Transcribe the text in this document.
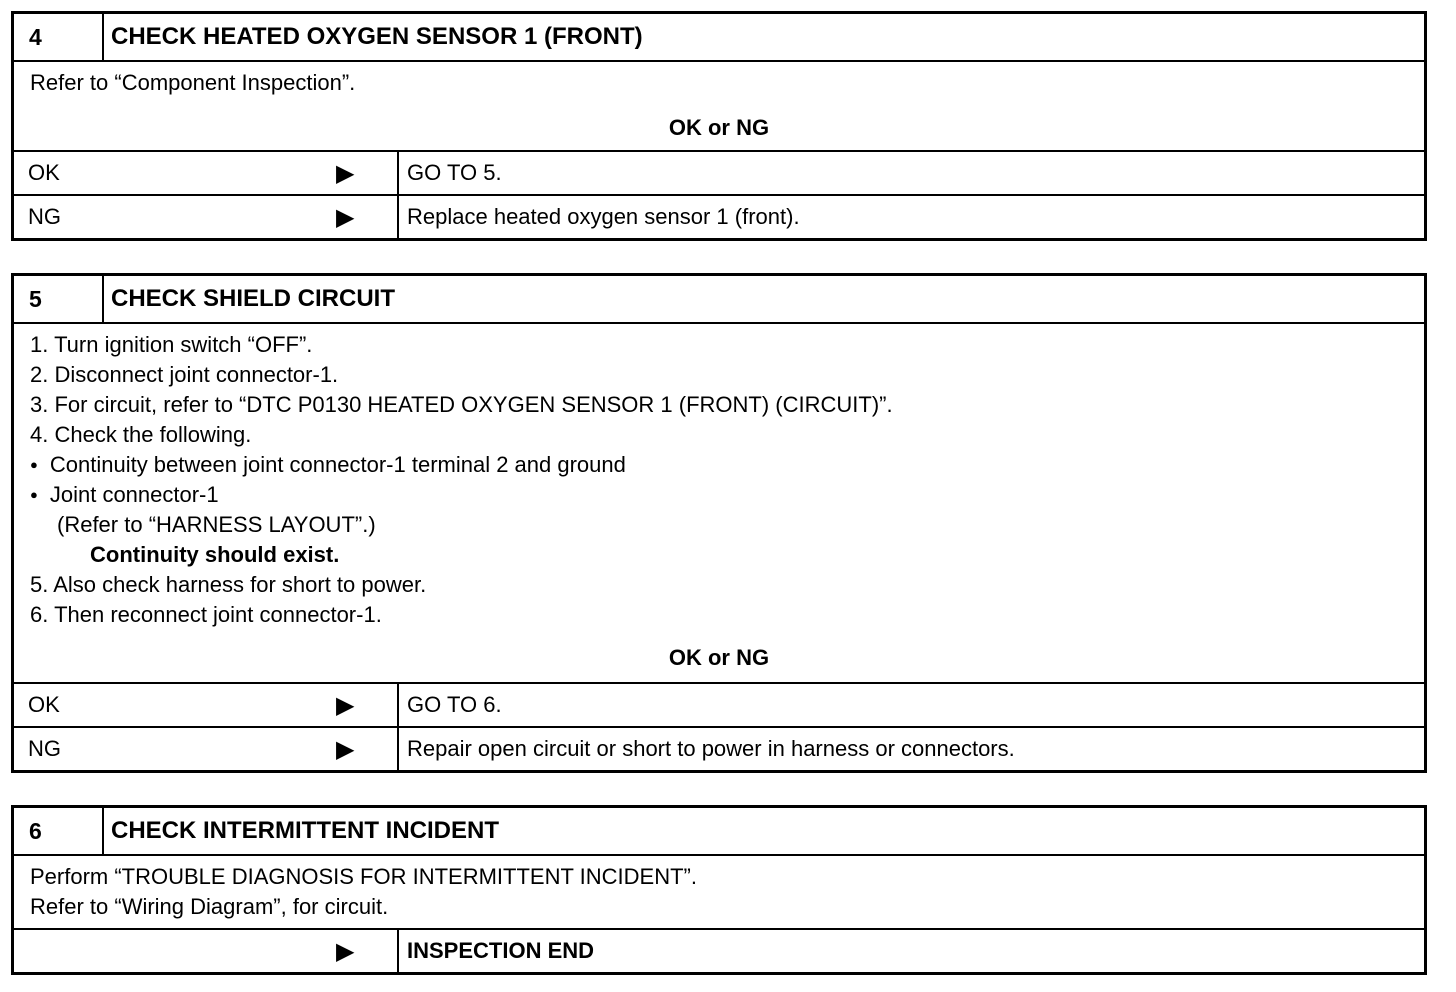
4	CHECK HEATED OXYGEN SENSOR 1 (FRONT)
Refer to “Component Inspection”.
OK or NG
OK	▶ GO TO 5.
NG	▶ Replace heated oxygen sensor 1 (front).
5	CHECK SHIELD CIRCUIT
1. Turn ignition switch “OFF”.
2. Disconnect joint connector-1.
3. For circuit, refer to “DTC P0130 HEATED OXYGEN SENSOR 1 (FRONT) (CIRCUIT)”.
4. Check the following.
● Continuity between joint connector-1 terminal 2 and ground
● Joint connector-1
(Refer to “HARNESS LAYOUT”.)
Continuity should exist.
5. Also check harness for short to power.
6. Then reconnect joint connector-1.
OK or NG
OK	▶ GO TO 6.
NG	▶ Repair open circuit or short to power in harness or connectors.
6	CHECK INTERMITTENT INCIDENT
Perform “TROUBLE DIAGNOSIS FOR INTERMITTENT INCIDENT”.
Refer to “Wiring Diagram”, for circuit.
▶ INSPECTION END
